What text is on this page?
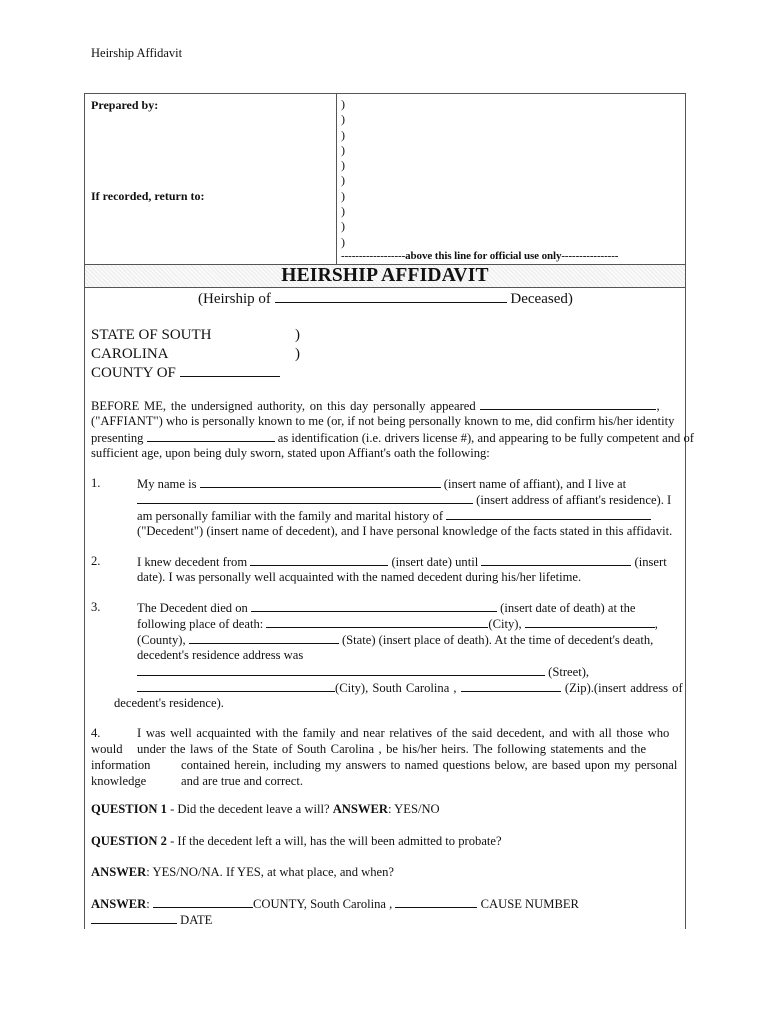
Heirship Affidavit
Prepared by:
If recorded, return to:
)
)
)
)
)
)
)
)
)
)
------------------above this line for official use only----------------
HEIRSHIP AFFIDAVIT
(Heirship of	Deceased)
STATE OF SOUTH
CAROLINA
COUNTY OF
)
)
BEFORE ME, the undersigned authority, on this day personally appeared	,
("AFFIANT") who is personally known to me (or, if not being personally known to me, did confirm his/her identity
presenting	as identification (i.e. drivers license #), and appearing to be fully competent and of
sufficient age, upon being duly sworn, stated upon Affiant's oath the following:
1.	My name is	(insert name of affiant), and I live at
(insert address of affiant's residence). I
am personally familiar with the family and marital history of
("Decedent") (insert name of decedent), and I have personal knowledge of the facts stated in this affidavit.
2.	I knew decedent from	(insert date) until	(insert
date). I was personally well acquainted with the named decedent during his/her lifetime.
3.	The Decedent died on	(insert date of death) at the
following place of death:	(City),	,
(County),	(State) (insert place of death). At the time of decedent's death,
decedent's residence address was
(Street),
(City), South Carolina ,	(Zip).(insert address of
decedent's residence).
4.	I was well acquainted with the family and near relatives of the said decedent, and with all those who
would under the laws of the State of South Carolina , be his/her heirs. The following statements and the
information contained herein, including my answers to named questions below, are based upon my personal
knowledge	and are true and correct.
QUESTION 1 - Did the decedent leave a will? ANSWER: YES/NO
QUESTION 2 - If the decedent left a will, has the will been admitted to probate?
ANSWER: YES/NO/NA. If YES, at what place, and when?
ANSWER:	COUNTY, South Carolina ,	CAUSE NUMBER
DATE
